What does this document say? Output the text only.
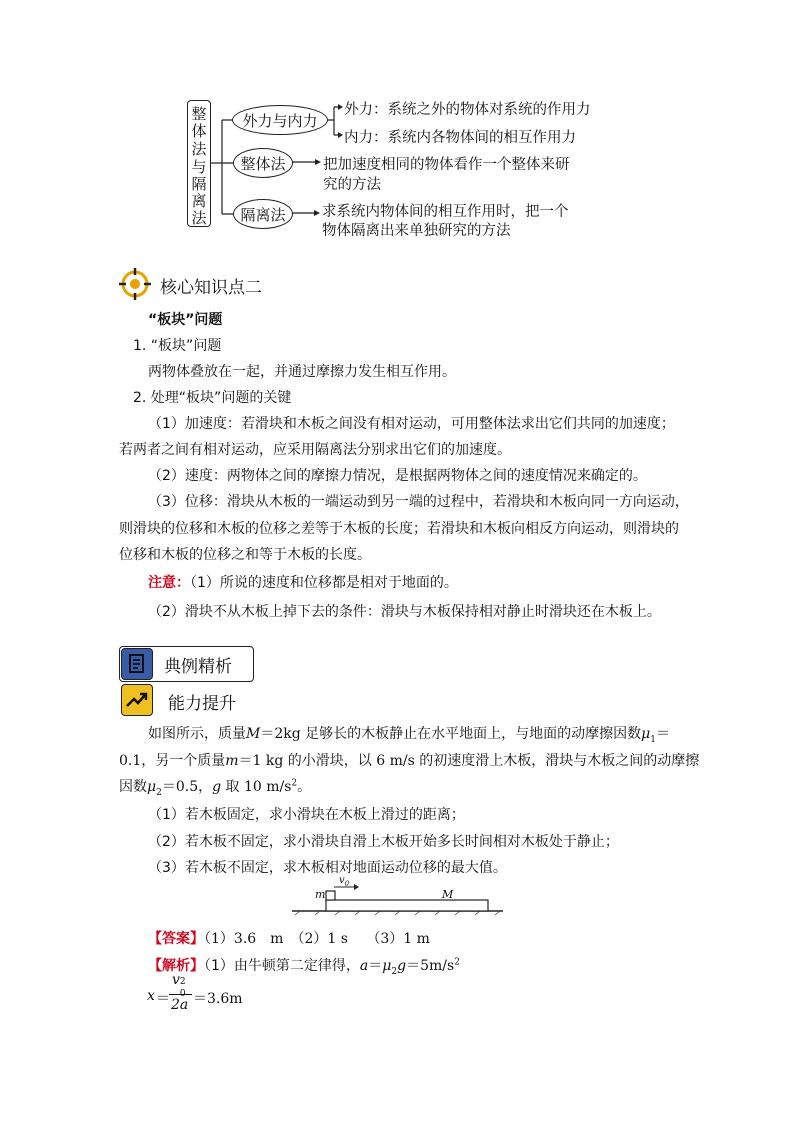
整
体
法
与
隔
离
法
外力与内力
整体法
隔离法
外力：系统之外的物体对系统的作用力
内力：系统内各物体间的相互作用力
把加速度相同的物体看作一个整体来研
究的方法
求系统内物体间的相互作用时，把一个
物体隔离出来单独研究的方法
核心知识点二
“板块”问题
1. “板块”问题
两物体叠放在一起，并通过摩擦力发生相互作用。
2. 处理“板块”问题的关键
（1）加速度：若滑块和木板之间没有相对运动，可用整体法求出它们共同的加速度；
若两者之间有相对运动，应采用隔离法分别求出它们的加速度。
（2）速度：两物体之间的摩擦力情况，是根据两物体之间的速度情况来确定的。
（3）位移：滑块从木板的一端运动到另一端的过程中，若滑块和木板向同一方向运动，
则滑块的位移和木板的位移之差等于木板的长度；若滑块和木板向相反方向运动，则滑块的
位移和木板的位移之和等于木板的长度。
注意：（1）所说的速度和位移都是相对于地面的。
（2）滑块不从木板上掉下去的条件：滑块与木板保持相对静止时滑块还在木板上。
典例精析
能力提升
如图所示，质量M＝2kg 足够长的木板静止在水平地面上，与地面的动摩擦因数$\mu_1=$
0.1，另一个质量m＝1 kg 的小滑块，以 6 m/s 的初速度滑上木板，滑块与木板之间的动摩擦
因数$\mu_2=0.5$，g 取 10 $m/s^2$。
（1）若木板固定，求小滑块在木板上滑过的距离；
（2）若木板不固定，求小滑块自滑上木板开始多长时间相对木板处于静止；
（3）若木板不固定，求木板相对地面运动位移的最大值。
m	M
$v_0$
【答案】（1）3.6　m　（2）1 s　 （3）1 m
【解析】（1）由牛顿第二定律得，$a=\mu_2g=5m/s^2$
x ＝
v 2
0
2a ＝3.6m
